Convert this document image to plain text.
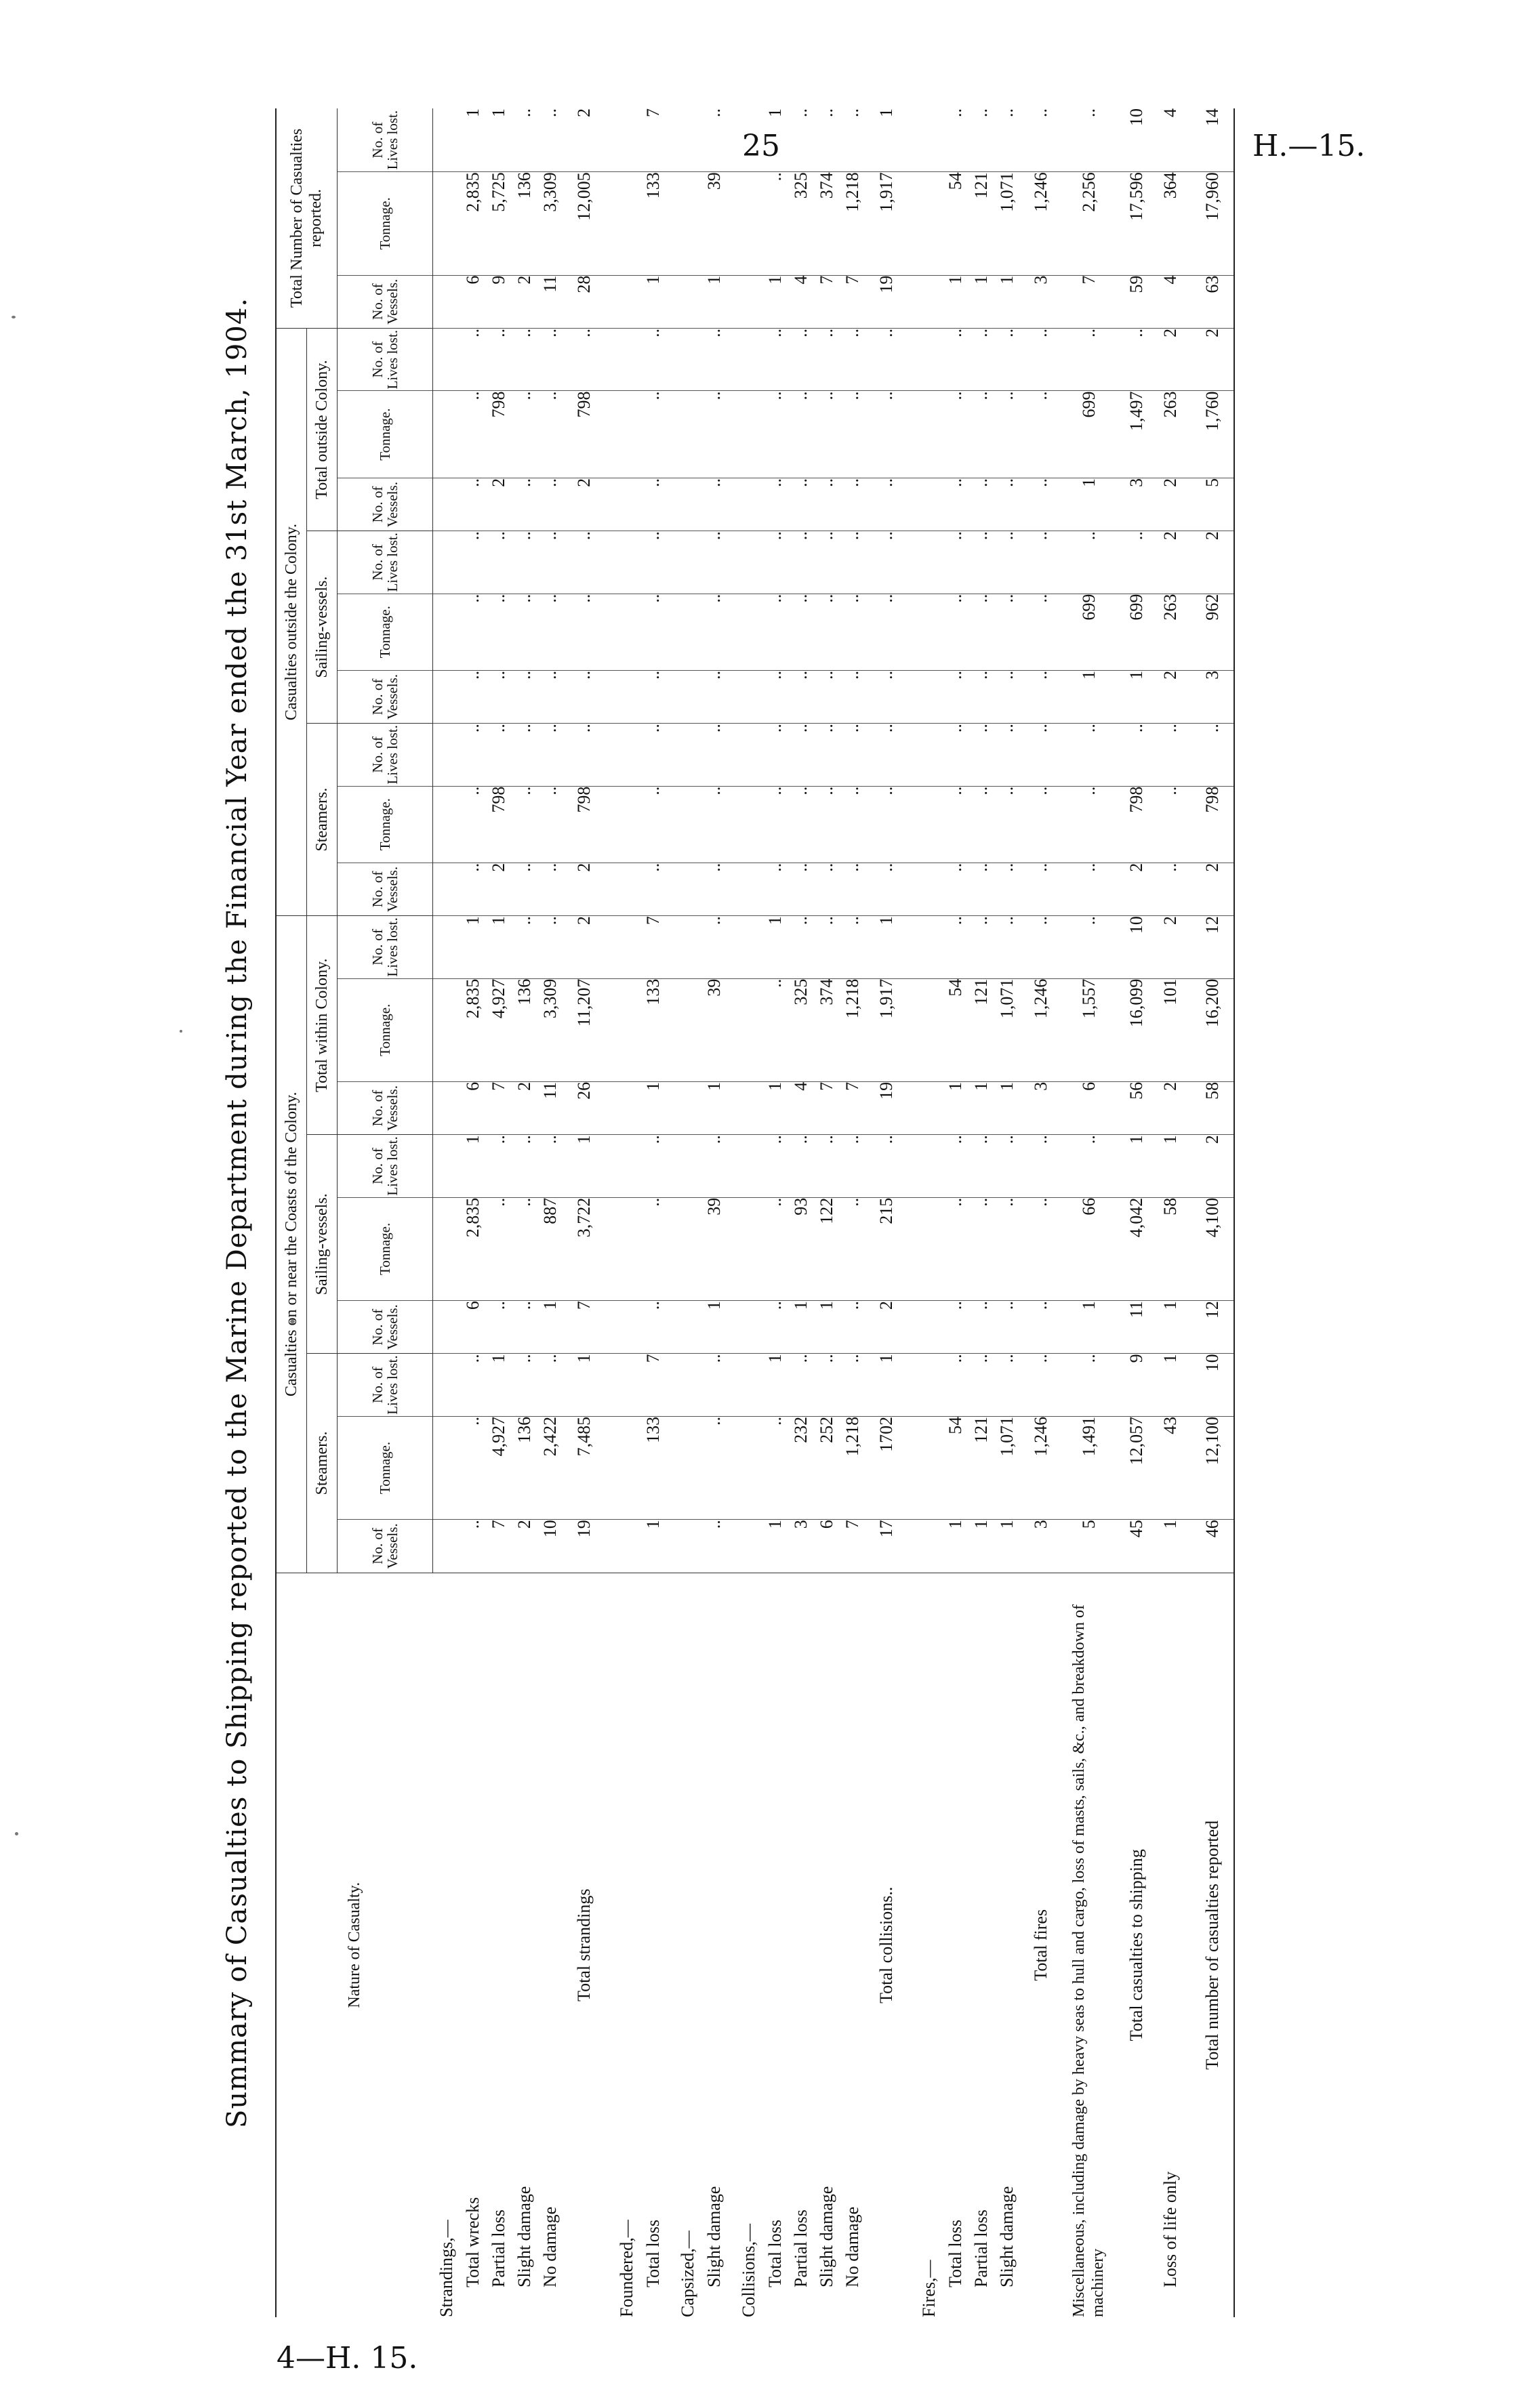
25	H.—15.
Summary of Casualties to Shipping reported to the Marine Department during the Financial Year ended the 31st March, 1904.	Nature of Casualty.	Casualties on or near the Coasts of the Colony.									Casualties outside the Colony.									Total Number of Casualties reported.		
	Steamers.			Sailing-vessels.			Total within Colony.			Steamers.			Sailing-vessels.			Total outside Colony.					
	No. of Vessels.	Tonnage.	No. of Lives lost.	No. of Vessels.	Tonnage.	No. of Lives lost.	No. of Vessels.	Tonnage.	No. of Lives lost.	No. of Vessels.	Tonnage.	No. of Lives lost.	No. of Vessels.	Tonnage.	No. of Lives lost.	No. of Vessels.	Tonnage.	No. of Lives lost.	No. of Vessels.	Tonnage.	No. of Lives lost.
Strandings,—																					
Total wrecks	..	..	..	6	2,835	1	6	2,835	1	..	..	..	..	..	..	..	..	..	6	2,835	1
Partial loss	7	4,927	1	..	..	..	7	4,927	1	2	798	..	..	..	..	2	798	..	9	5,725	1
Slight damage	2	136	..	..	..	..	2	136	..	..	..	..	..	..	..	..	..	..	2	136	..
No damage	10	2,422	..	1	887	..	11	3,309	..	..	..	..	..	..	..	..	..	..	11	3,309	..
Total strandings	19	7,485	1	7	3,722	1	26	11,207	2	2	798	..	..	..	..	2	798	..	28	12,005	2

Foundered,—																					
Total loss	1	133	7	..	..	..	1	133	7	..	..	..	..	..	..	..	..	..	1	133	7

Capsized,—																					
Slight damage	..	..	..	1	39	..	1	39	..	..	..	..	..	..	..	..	..	..	1	39	..

Collisions,—																					
Total loss	1	..	1	..	..	..	1	..	1	..	..	..	..	..	..	..	..	..	1	..	1
Partial loss	3	232	..	1	93	..	4	325	..	..	..	..	..	..	..	..	..	..	4	325	..
Slight damage	6	252	..	1	122	..	7	374	..	..	..	..	..	..	..	..	..	..	7	374	..
No damage	7	1,218	..	..	..	..	7	1,218	..	..	..	..	..	..	..	..	..	..	7	1,218	..
Total collisions..	17	1702	1	2	215	..	19	1,917	1	..	..	..	..	..	..	..	..	..	19	1,917	1

Fires,—																					
Total loss	1	54	..	..	..	..	1	54	..	..	..	..	..	..	..	..	..	..	1	54	..
Partial loss	1	121	..	..	..	..	1	121	..	..	..	..	..	..	..	..	..	..	1	121	..
Slight damage	1	1,071	..	..	..	..	1	1,071	..	..	..	..	..	..	..	..	..	..	1	1,071	..
Total fires	3	1,246	..	..	..	..	3	1,246	..	..	..	..	..	..	..	..	..	..	3	1,246	..

Miscellaneous, including damage by heavy seas to hull and cargo, loss of masts, sails, &c., and breakdown of machinery	5	1,491	..	1	66	..	6	1,557	..	..	..	..	1	699	..	1	699	..	7	2,256	..

Total casualties to shipping	45	12,057	9	11	4,042	1	56	16,099	10	2	798	..	1	699	..	3	1,497	..	59	17,596	10
Loss of life only	1	43	1	1	58	1	2	101	2	..	..	..	2	263	2	2	263	2	4	364	4

Total number of casualties reported	46	12,100	10	12	4,100	2	58	16,200	12	2	798	..	3	962	2	5	1,760	2	63	17,960	14
4—H. 15.
